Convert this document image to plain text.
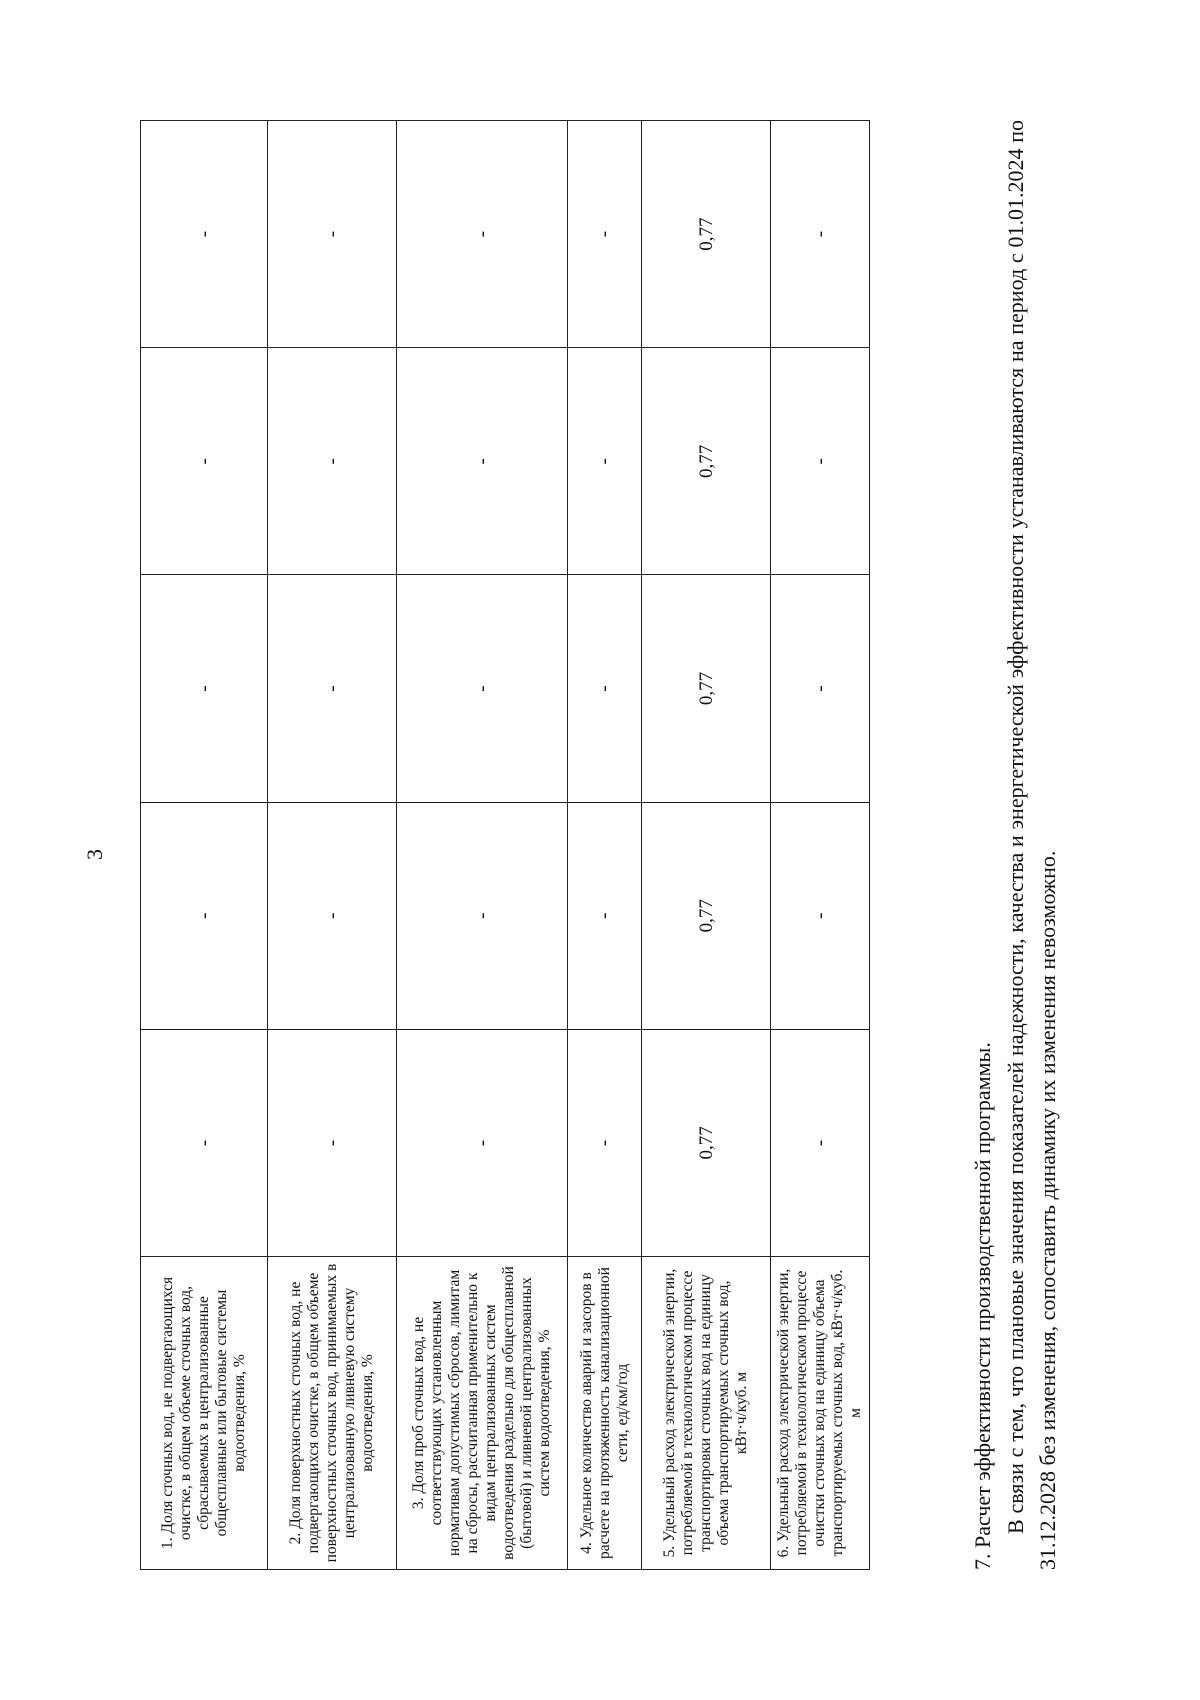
3
1. Доля сточных вод, не подвергающихся очистке, в общем объеме сточных вод, сбрасываемых в централизованные общесплавные или бытовые системы водоотведения, %	-	-	-	-	-
2. Доля поверхностных сточных вод, не подвергающихся очистке, в общем объеме поверхностных сточных вод, принимаемых в централизованную ливневую систему водоотведения, %	-	-	-	-	-
3. Доля проб сточных вод, не соответствующих установленным нормативам допустимых сбросов, лимитам на сбросы, рассчитанная применительно к видам централизованных систем водоотведения раздельно для общесплавной (бытовой) и ливневой централизованных систем водоотведения, %	-	-	-	-	-
4. Удельное количество аварий и засоров в расчете на протяженность канализационной сети, ед/км/год	-	-	-	-	-
5. Удельный расход электрической энергии, потребляемой в технологическом процессе транспортировки сточных вод на единицу объема транспортируемых сточных вод, кВт·ч/куб. м	0,77	0,77	0,77	0,77	0,77
6. Удельный расход электрической энергии, потребляемой в технологическом процессе очистки сточных вод на единицу объема транспортируемых сточных вод, кВт·ч/куб. м	-	-	-	-	-
7. Расчет эффективности производственной программы. В связи с тем, что плановые значения показателей надежности, качества и энергетической эффективности устанавливаются на период с 01.01.2024 по 31.12.2028 без изменения, сопоставить динамику их изменения невозможно.
